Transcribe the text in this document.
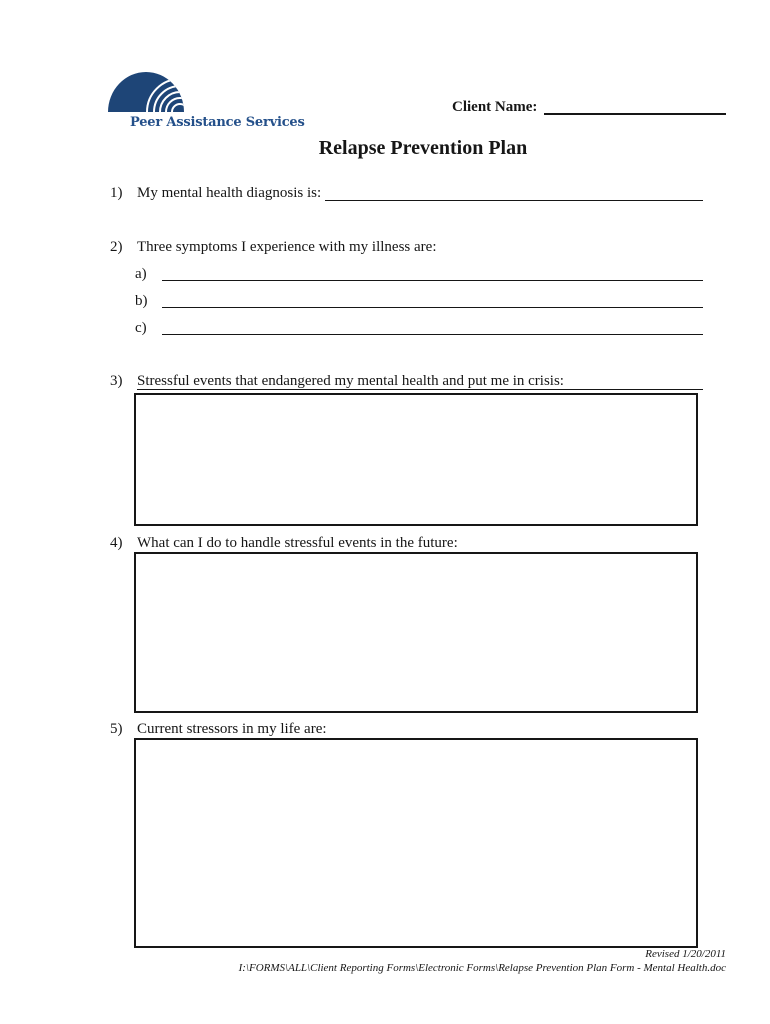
Peer Assistance Services
Client Name:
Relapse Prevention Plan
1) My mental health diagnosis is:
2) Three symptoms I experience with my illness are:
a)
b)
c)
3) Stressful events that endangered my mental health and put me in crisis:
4) What can I do to handle stressful events in the future:
5) Current stressors in my life are:
Revised 1/20/2011
I:\FORMS\ALL\Client Reporting Forms\Electronic Forms\Relapse Prevention Plan Form - Mental Health.doc
